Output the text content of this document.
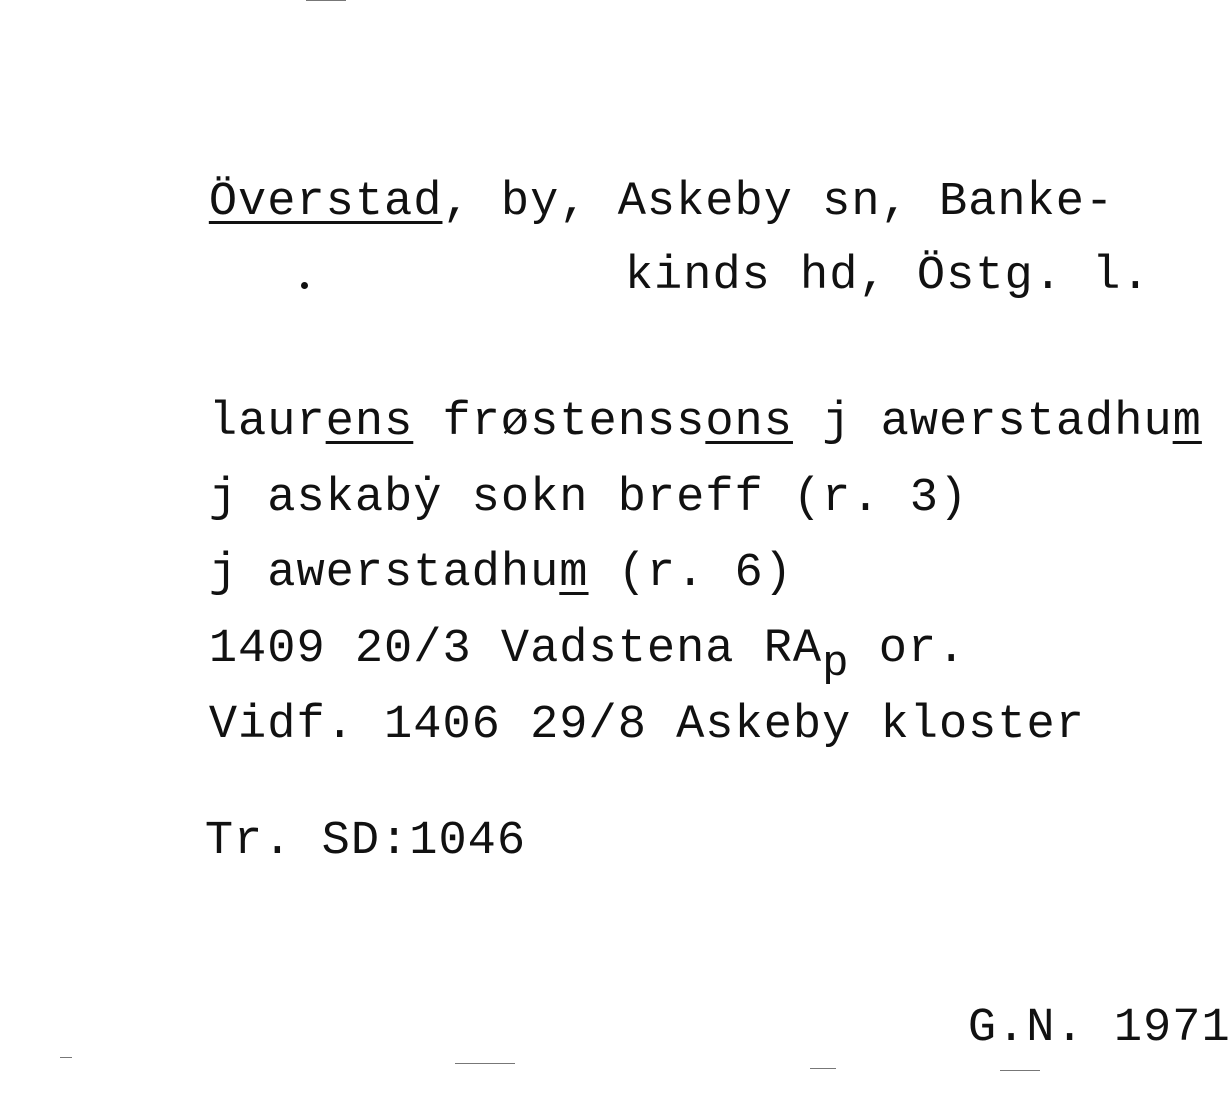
Överstad, by, Askeby sn, Banke-

kinds hd, Östg. l.

laurens frøstenssons j awerstadhum

j askabẏ sokn breff (r. 3)

j awerstadhum (r. 6)

1409 20/3 Vadstena RAp or.

Vidf. 1406 29/8 Askeby kloster

Tr. SD:1046

G.N. 1971
